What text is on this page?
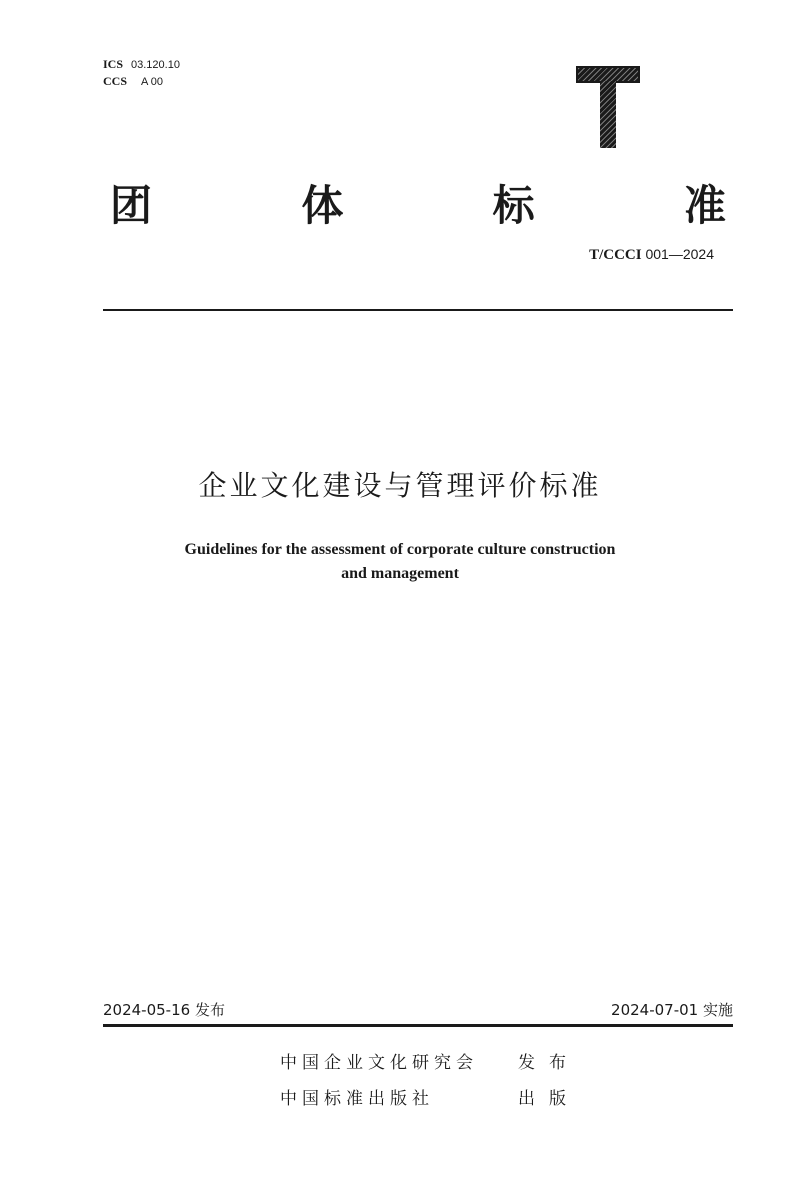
ICS 03.120.10
CCS A 00
团	体	标	准
T/CCCI 001—2024
企业文化建设与管理评价标准
Guidelines for the assessment of corporate culture construction
and management
2024-05-16 发布	2024-07-01 实施
中国企业文化研究会 发布
中国标准出版社	出版
